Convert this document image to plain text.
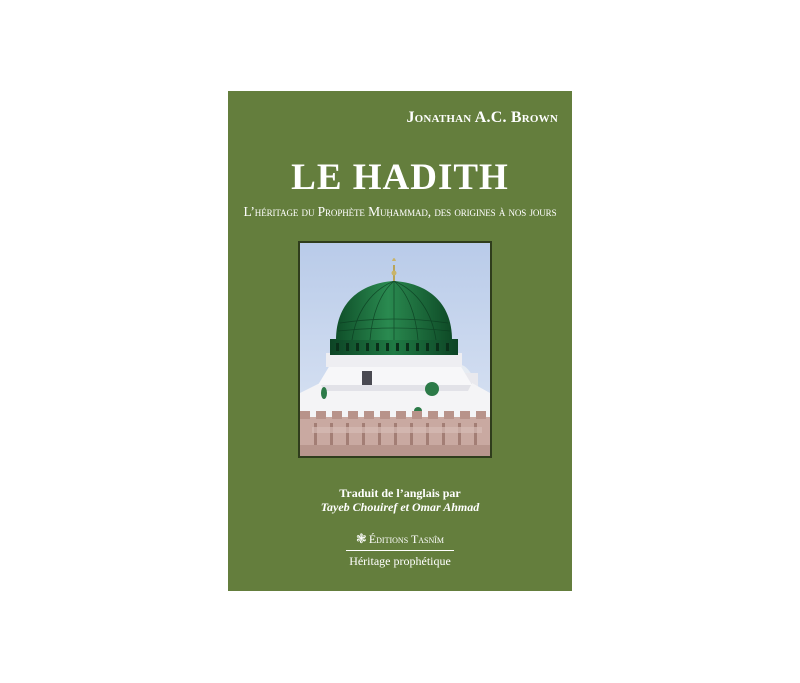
Jonathan A.C. Brown
LE HADITH
L’héritage du Prophète Muḥammad, des origines à nos jours
Traduit de l’anglais par
Tayeb Chouiref et Omar Ahmad
❃ Éditions Tasnîm
Héritage prophétique
